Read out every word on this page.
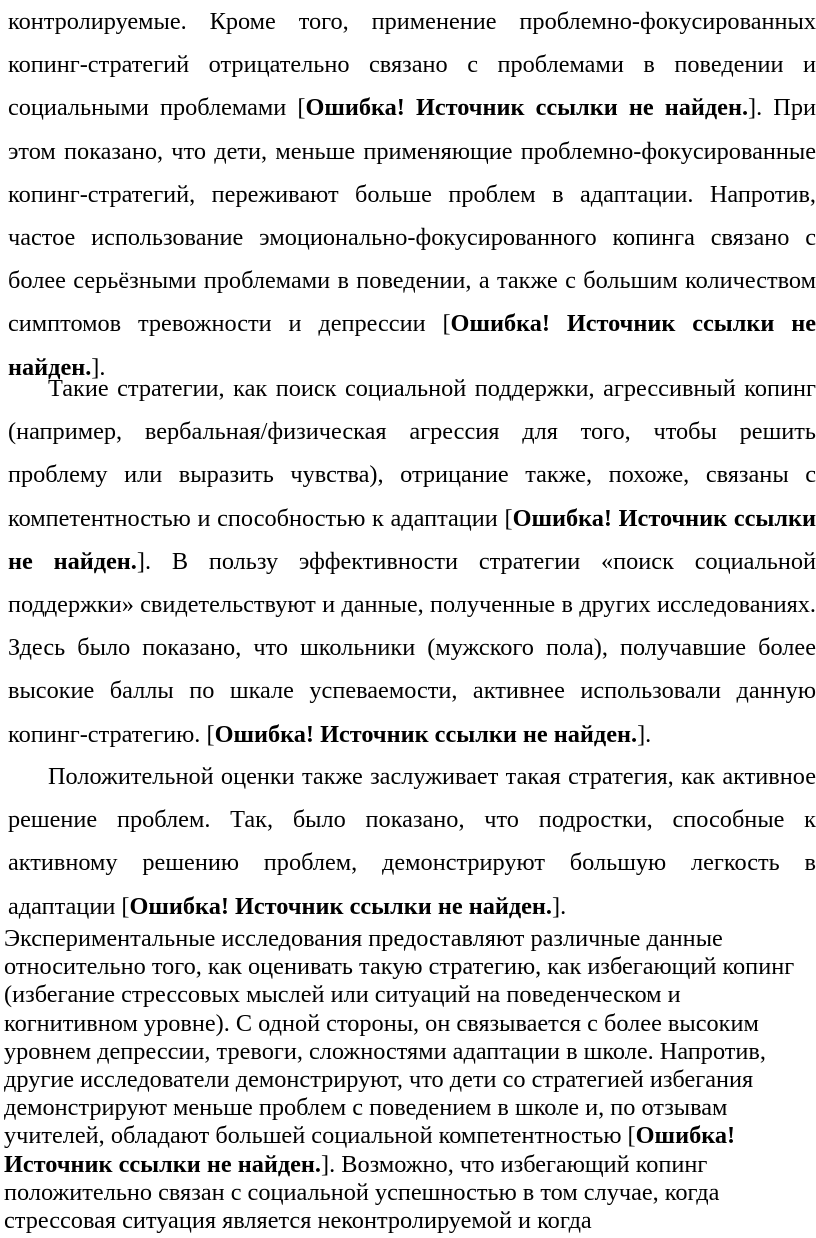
контролируемые. Кроме того, применение проблемно-фокусированных копинг-стратегий отрицательно связано с проблемами в поведении и социальными проблемами [Ошибка! Источник ссылки не найден.]. При этом показано, что дети, меньше применяющие проблемно-фокусированные копинг-стратегий, переживают больше проблем в адаптации. Напротив, частое использование эмоционально-фокусированного копинга связано с более серьёзными проблемами в поведении, а также с большим количеством симптомов тревожности и депрессии [Ошибка! Источник ссылки не найден.].

Такие стратегии, как поиск социальной поддержки, агрессивный копинг (например, вербальная/физическая агрессия для того, чтобы решить проблему или выразить чувства), отрицание также, похоже, связаны с компетентностью и способностью к адаптации [Ошибка! Источник ссылки не найден.]. В пользу эффективности стратегии «поиск социальной поддержки» свидетельствуют и данные, полученные в других исследованиях. Здесь было показано, что школьники (мужского пола), получавшие более высокие баллы по шкале успеваемости, активнее использовали данную копинг-стратегию. [Ошибка! Источник ссылки не найден.].

Положительной оценки также заслуживает такая стратегия, как активное решение проблем. Так, было показано, что подростки, способные к активному решению проблем, демонстрируют большую легкость в адаптации [Ошибка! Источник ссылки не найден.].

Экспериментальные исследования предоставляют различные данные относительно того, как оценивать такую стратегию, как избегающий копинг (избегание стрессовых мыслей или ситуаций на поведенческом и когнитивном уровне). С одной стороны, он связывается с более высоким уровнем депрессии, тревоги, сложностями адаптации в школе. Напротив, другие исследователи демонстрируют, что дети со стратегией избегания демонстрируют меньше проблем с поведением в школе и, по отзывам учителей, обладают большей социальной компетентностью [Ошибка! Источник ссылки не найден.]. Возможно, что избегающий копинг положительно связан с социальной успешностью в том случае, когда стрессовая ситуация является неконтролируемой и когда
